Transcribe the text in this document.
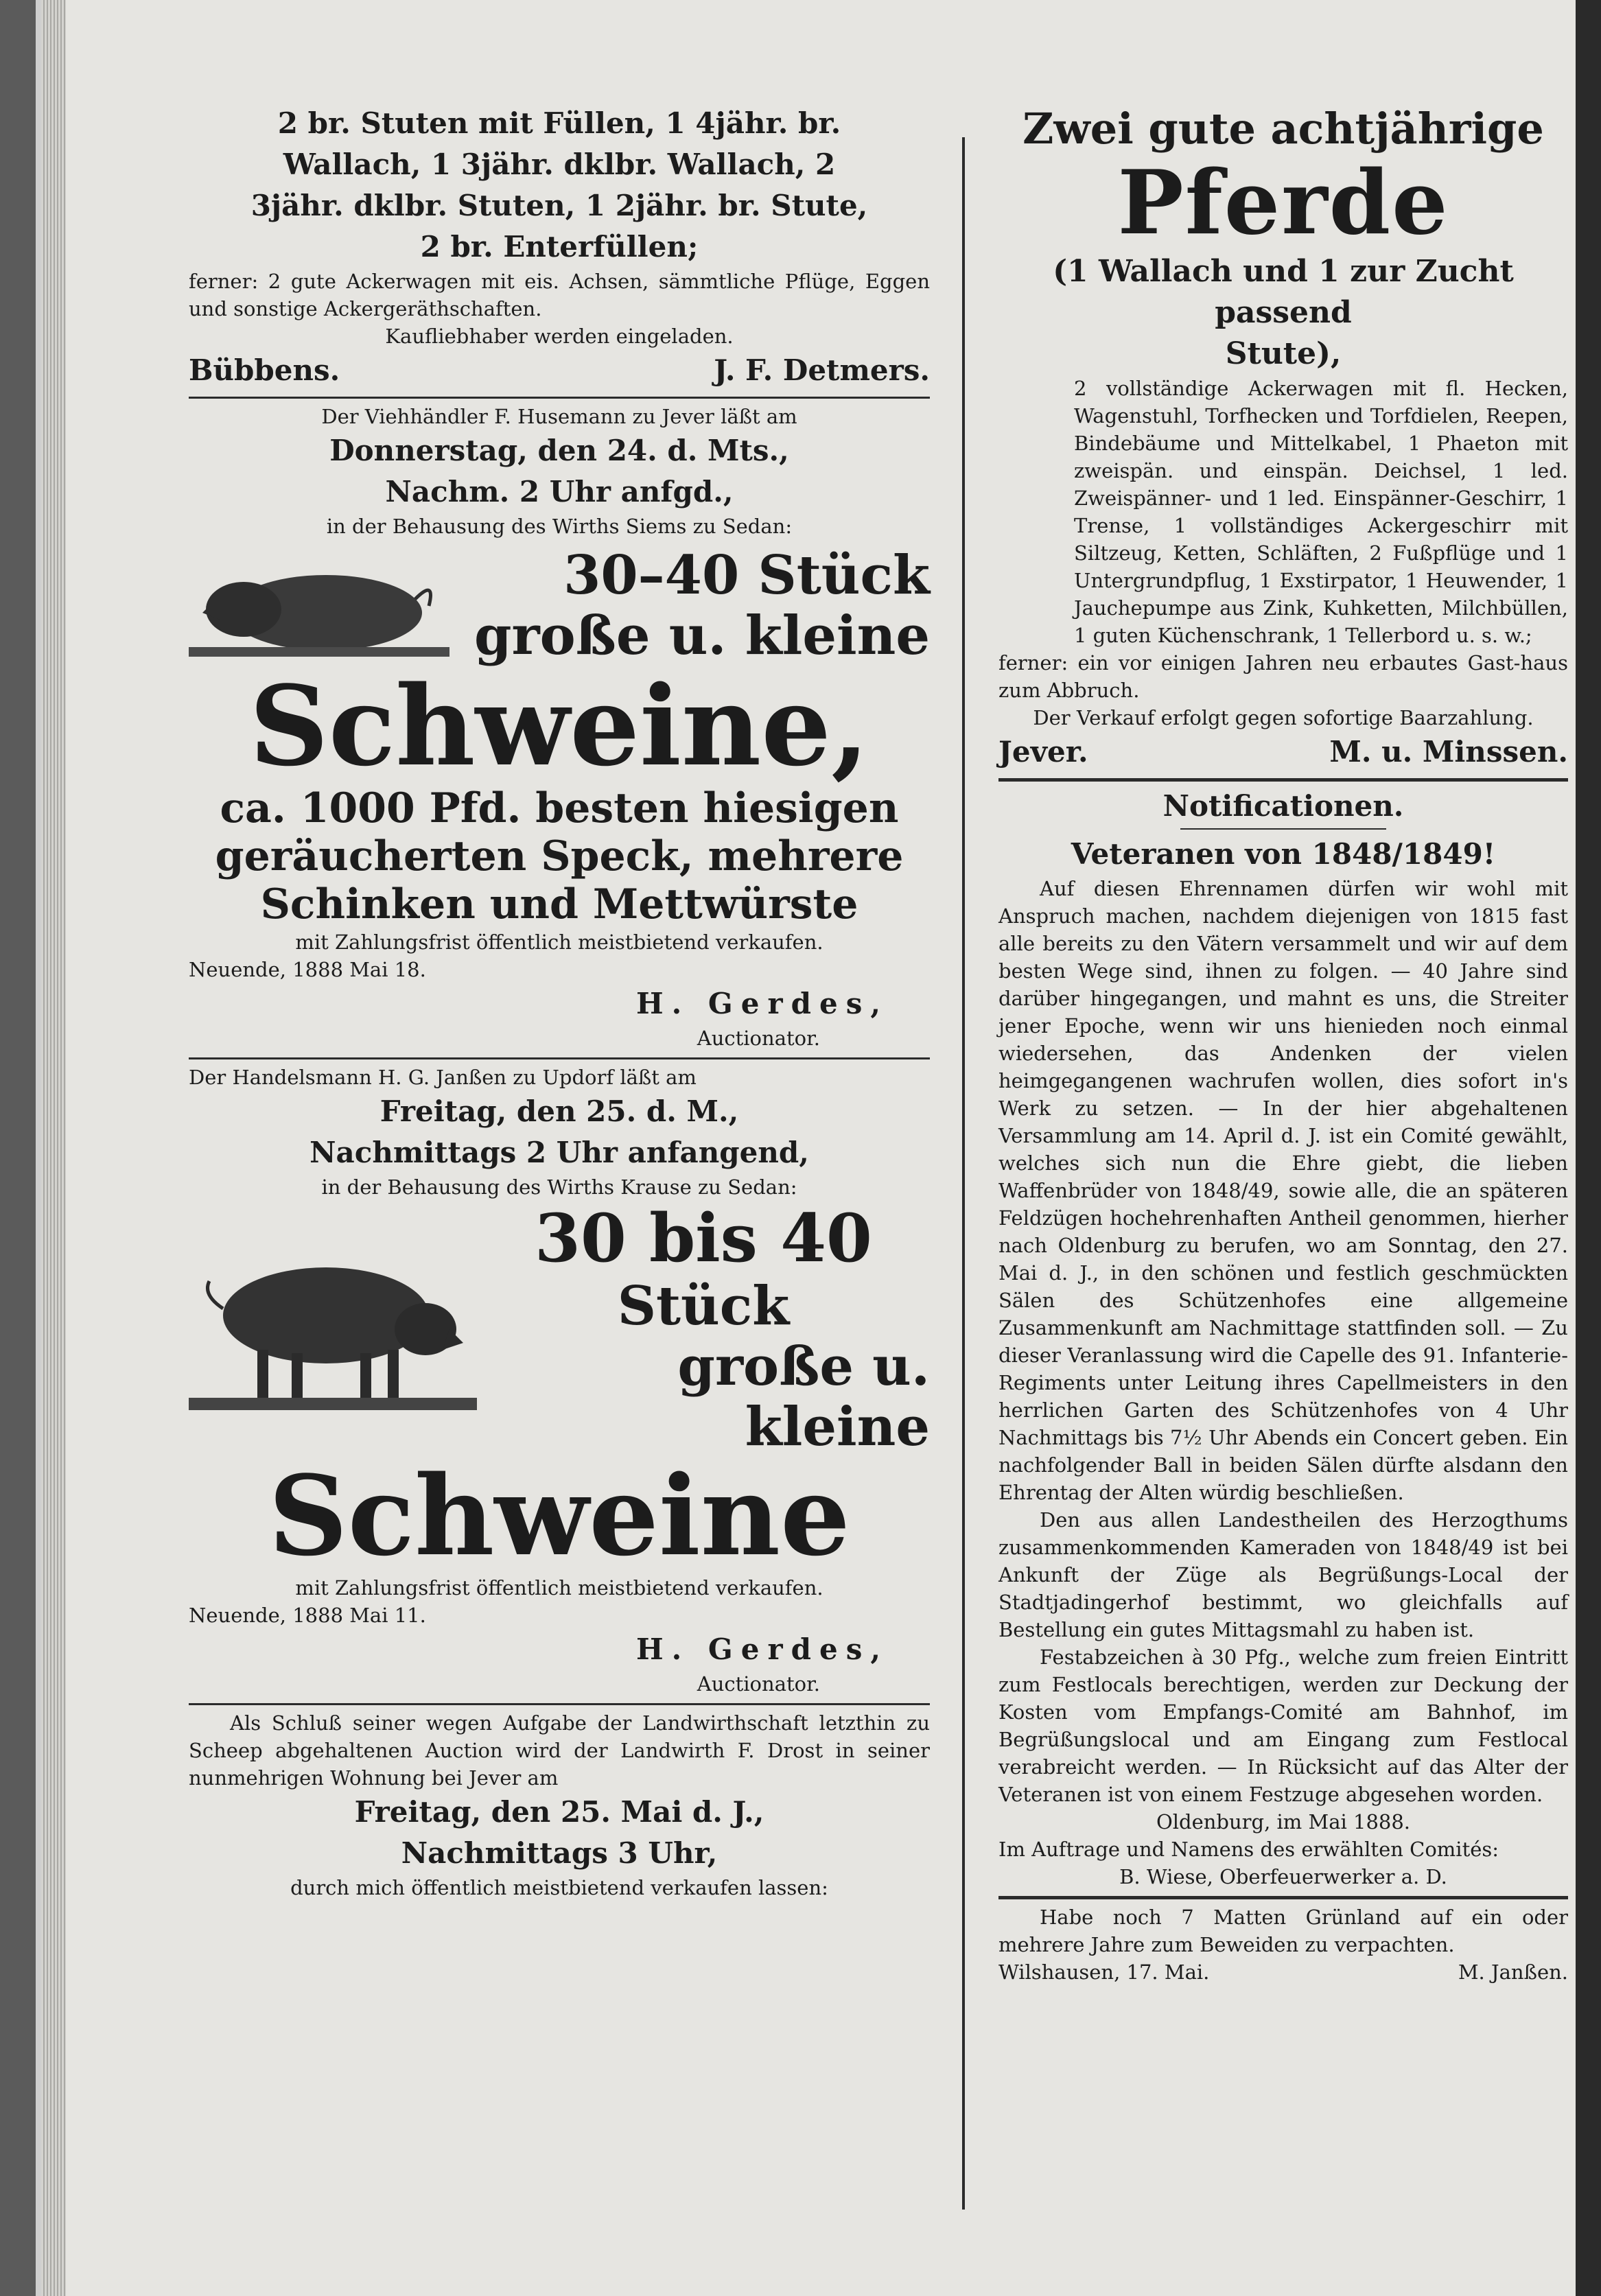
2 br. Stuten mit Füllen, 1 4jähr. br.

Wallach, 1 3jähr. dklbr. Wallach, 2

3jähr. dklbr. Stuten, 1 2jähr. br. Stute,

2 br. Enterfüllen;

ferner: 2 gute Ackerwagen mit eis. Achsen, sämmtliche Pflüge, Eggen und sonstige Ackergeräthschaften.

Kaufliebhaber werden eingeladen.

Bübbens.	J. F. Detmers.

Der Viehhändler F. Husemann zu Jever läßt am

Donnerstag, den 24. d. Mts.,

Nachm. 2 Uhr anfgd.,

in der Behausung des Wirths Siems zu Sedan:

30–40 Stück

große u. kleine

Schweine,

ca. 1000 Pfd. besten hiesigen

geräucherten Speck, mehrere

Schinken und Mettwürste

mit Zahlungsfrist öffentlich meistbietend verkaufen.

Neuende, 1888 Mai 18.

H. Gerdes,

Auctionator.

Der Handelsmann H. G. Janßen zu Updorf läßt am

Freitag, den 25. d. M.,

Nachmittags 2 Uhr anfangend,

in der Behausung des Wirths Krause zu Sedan:

30 bis 40

Stück

große u. kleine

Schweine

mit Zahlungsfrist öffentlich meistbietend verkaufen.

Neuende, 1888 Mai 11.

H. Gerdes,

Auctionator.

Als Schluß seiner wegen Aufgabe der Landwirthschaft letzthin zu Scheep abgehaltenen Auction wird der Landwirth F. Drost in seiner nunmehrigen Wohnung bei Jever am

Freitag, den 25. Mai d. J.,

Nachmittags 3 Uhr,

durch mich öffentlich meistbietend verkaufen lassen:

Zwei gute achtjährige

Pferde

(1 Wallach und 1 zur Zucht passend

Stute),

2 vollständige Ackerwagen mit fl. Hecken, Wagenstuhl, Torfhecken und Torfdielen, Reepen, Bindebäume und Mittelkabel, 1 Phaeton mit zweispän. und einspän. Deichsel, 1 led. Zweispänner- und 1 led. Einspänner-Geschirr, 1 Trense, 1 vollständiges Ackergeschirr mit Siltzeug, Ketten, Schläften, 2 Fußpflüge und 1 Untergrundpflug, 1 Exstirpator, 1 Heuwender, 1 Jauchepumpe aus Zink, Kuhketten, Milchbüllen, 1 guten Küchenschrank, 1 Tellerbord u. s. w.;

ferner: ein vor einigen Jahren neu erbautes Gast-haus zum Abbruch.

Der Verkauf erfolgt gegen sofortige Baarzahlung.

Jever.	M. u. Minssen.

Notificationen.

Veteranen von 1848/1849!

Auf diesen Ehrennamen dürfen wir wohl mit Anspruch machen, nachdem diejenigen von 1815 fast alle bereits zu den Vätern versammelt und wir auf dem besten Wege sind, ihnen zu folgen. — 40 Jahre sind darüber hingegangen, und mahnt es uns, die Streiter jener Epoche, wenn wir uns hienieden noch einmal wiedersehen, das Andenken der vielen heimgegangenen wachrufen wollen, dies sofort in's Werk zu setzen. — In der hier abgehaltenen Versammlung am 14. April d. J. ist ein Comité gewählt, welches sich nun die Ehre giebt, die lieben Waffenbrüder von 1848/49, sowie alle, die an späteren Feldzügen hochehrenhaften Antheil genommen, hierher nach Oldenburg zu berufen, wo am Sonntag, den 27. Mai d. J., in den schönen und festlich geschmückten Sälen des Schützenhofes eine allgemeine Zusammenkunft am Nachmittage stattfinden soll. — Zu dieser Veranlassung wird die Capelle des 91. Infanterie-Regiments unter Leitung ihres Capellmeisters in den herrlichen Garten des Schützenhofes von 4 Uhr Nachmittags bis 7½ Uhr Abends ein Concert geben. Ein nachfolgender Ball in beiden Sälen dürfte alsdann den Ehrentag der Alten würdig beschließen.

Den aus allen Landestheilen des Herzogthums zusammenkommenden Kameraden von 1848/49 ist bei Ankunft der Züge als Begrüßungs-Local der Stadtjadingerhof bestimmt, wo gleichfalls auf Bestellung ein gutes Mittagsmahl zu haben ist.

Festabzeichen à 30 Pfg., welche zum freien Eintritt zum Festlocals berechtigen, werden zur Deckung der Kosten vom Empfangs-Comité am Bahnhof, im Begrüßungslocal und am Eingang zum Festlocal verabreicht werden. — In Rücksicht auf das Alter der Veteranen ist von einem Festzuge abgesehen worden.

Oldenburg, im Mai 1888.

Im Auftrage und Namens des erwählten Comités:

B. Wiese, Oberfeuerwerker a. D.

Habe noch 7 Matten Grünland auf ein oder mehrere Jahre zum Beweiden zu verpachten.

Wilshausen, 17. Mai.	M. Janßen.
